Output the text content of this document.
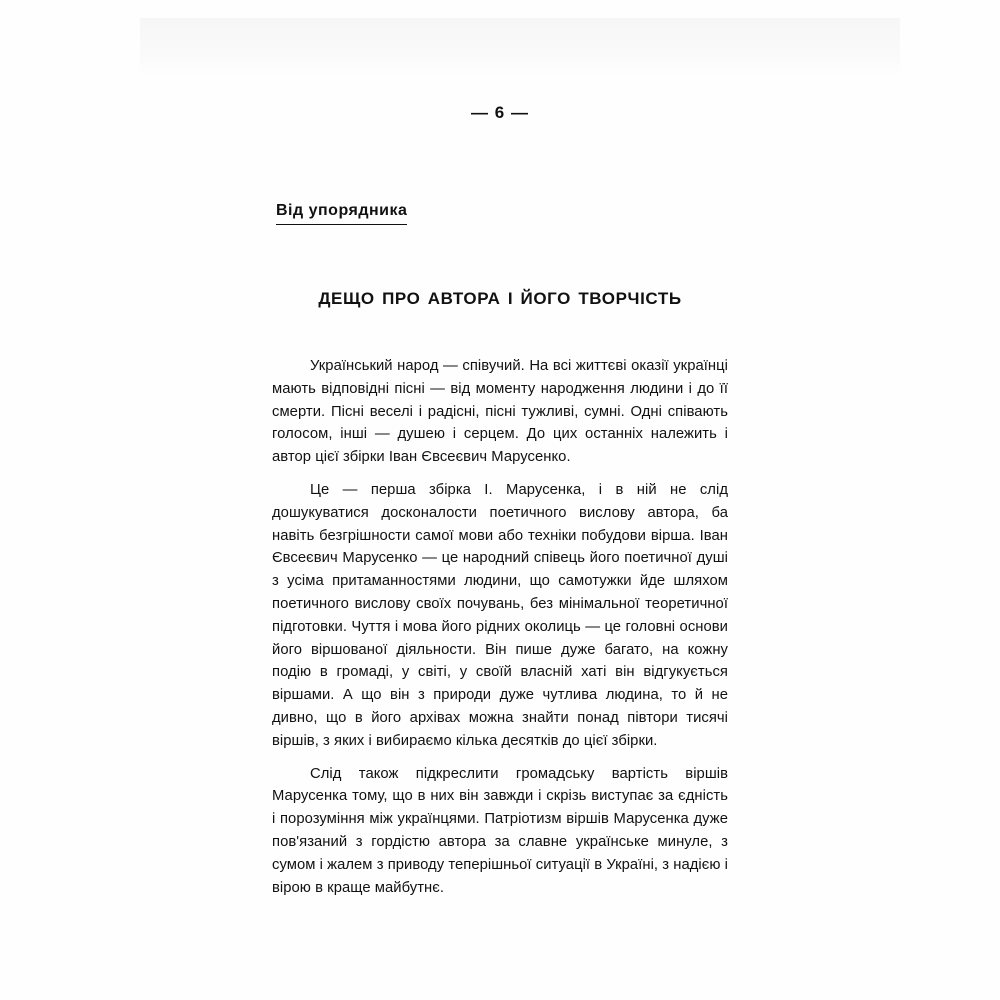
— 6 —
Від упорядника
ДЕЩО ПРО АВТОРА І ЙОГО ТВОРЧІСТЬ

Український народ — співучий. На всі життєві оказії українці мають відповідні пісні — від моменту народження людини і до її смерти. Пісні веселі і радісні, пісні тужливі, сумні. Одні співають голосом, інші — душею і серцем. До цих останніх належить і автор цієї збірки Іван Євсеєвич Марусенко.

Це — перша збірка І. Марусенка, і в ній не слід дошукуватися досконалости поетичного вислову автора, ба навіть безгрішности самої мови або техніки побудови вірша. Іван Євсеєвич Марусенко — це народний співець його поетичної душі з усіма притаманностями людини, що самотужки йде шляхом поетичного вислову своїх почувань, без мінімальної теоретичної підготовки. Чуття і мова його рідних околиць — це головні основи його віршованої діяльности. Він пише дуже багато, на кожну подію в громаді, у світі, у своїй власній хаті він відгукується віршами. А що він з природи дуже чутлива людина, то й не дивно, що в його архівах можна знайти понад півтори тисячі віршів, з яких і вибираємо кілька десятків до цієї збірки.

Слід також підкреслити громадську вартість віршів Марусенка тому, що в них він завжди і скрізь виступає за єдність і порозуміння між українцями. Патріотизм віршів Марусенка дуже пов'язаний з гордістю автора за славне українське минуле, з сумом і жалем з приводу теперішньої ситуації в Україні, з надією і вірою в краще майбутнє.
